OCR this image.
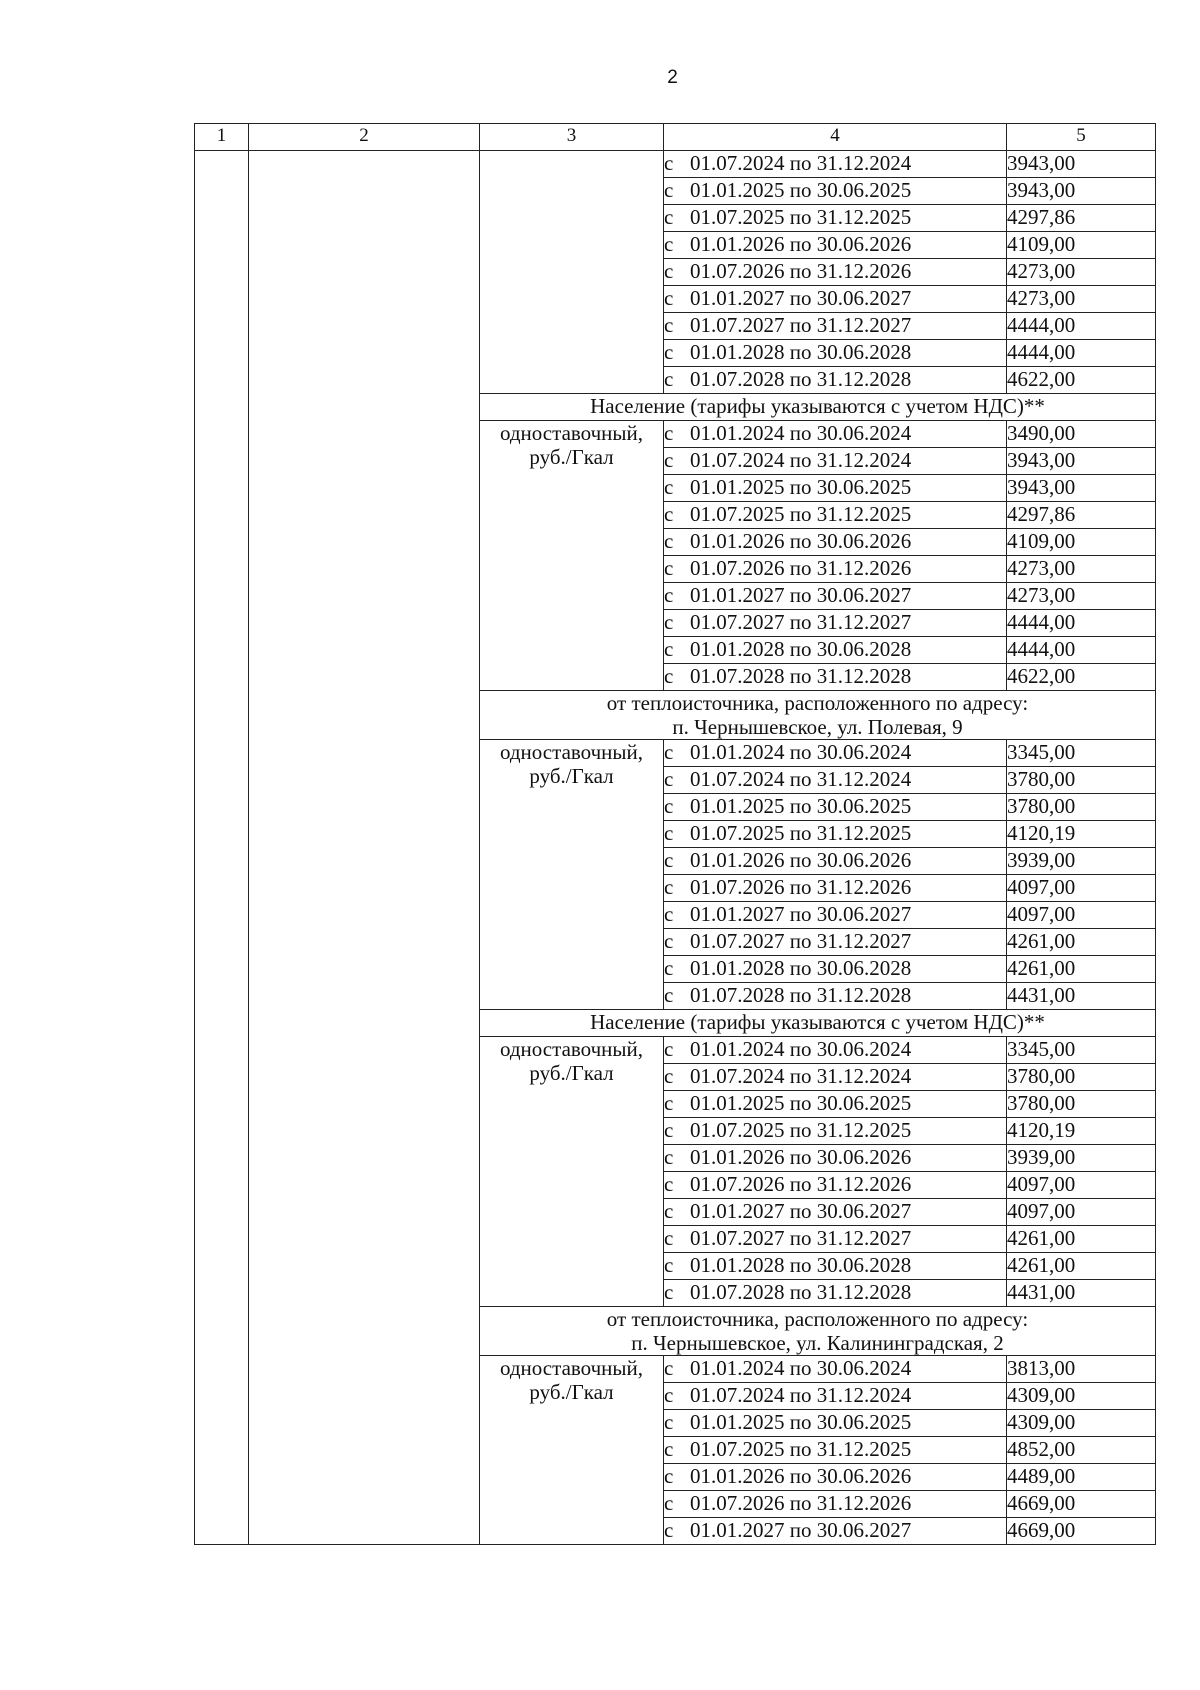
2
1	2	3	4	5
			с 01.07.2024 по 31.12.2024	3943,00
			с 01.01.2025 по 30.06.2025	3943,00
			с 01.07.2025 по 31.12.2025	4297,86
			с 01.01.2026 по 30.06.2026	4109,00
			с 01.07.2026 по 31.12.2026	4273,00
			с 01.01.2027 по 30.06.2027	4273,00
			с 01.07.2027 по 31.12.2027	4444,00
			с 01.01.2028 по 30.06.2028	4444,00
			с 01.07.2028 по 31.12.2028	4622,00
		Население (тарифы указываются с учетом НДС)**		
		одноставочный,
руб./Гкал	с 01.01.2024 по 30.06.2024	3490,00
			с 01.07.2024 по 31.12.2024	3943,00
			с 01.01.2025 по 30.06.2025	3943,00
			с 01.07.2025 по 31.12.2025	4297,86
			с 01.01.2026 по 30.06.2026	4109,00
			с 01.07.2026 по 31.12.2026	4273,00
			с 01.01.2027 по 30.06.2027	4273,00
			с 01.07.2027 по 31.12.2027	4444,00
			с 01.01.2028 по 30.06.2028	4444,00
			с 01.07.2028 по 31.12.2028	4622,00
		от теплоисточника, расположенного по адресу:
п. Чернышевское, ул. Полевая, 9		
		одноставочный,
руб./Гкал	с 01.01.2024 по 30.06.2024	3345,00
			с 01.07.2024 по 31.12.2024	3780,00
			с 01.01.2025 по 30.06.2025	3780,00
			с 01.07.2025 по 31.12.2025	4120,19
			с 01.01.2026 по 30.06.2026	3939,00
			с 01.07.2026 по 31.12.2026	4097,00
			с 01.01.2027 по 30.06.2027	4097,00
			с 01.07.2027 по 31.12.2027	4261,00
			с 01.01.2028 по 30.06.2028	4261,00
			с 01.07.2028 по 31.12.2028	4431,00
		Население (тарифы указываются с учетом НДС)**		
		одноставочный,
руб./Гкал	с 01.01.2024 по 30.06.2024	3345,00
			с 01.07.2024 по 31.12.2024	3780,00
			с 01.01.2025 по 30.06.2025	3780,00
			с 01.07.2025 по 31.12.2025	4120,19
			с 01.01.2026 по 30.06.2026	3939,00
			с 01.07.2026 по 31.12.2026	4097,00
			с 01.01.2027 по 30.06.2027	4097,00
			с 01.07.2027 по 31.12.2027	4261,00
			с 01.01.2028 по 30.06.2028	4261,00
			с 01.07.2028 по 31.12.2028	4431,00
		от теплоисточника, расположенного по адресу:
п. Чернышевское, ул. Калининградская, 2		
		одноставочный,
руб./Гкал	с 01.01.2024 по 30.06.2024	3813,00
			с 01.07.2024 по 31.12.2024	4309,00
			с 01.01.2025 по 30.06.2025	4309,00
			с 01.07.2025 по 31.12.2025	4852,00
			с 01.01.2026 по 30.06.2026	4489,00
			с 01.07.2026 по 31.12.2026	4669,00
			с 01.01.2027 по 30.06.2027	4669,00
